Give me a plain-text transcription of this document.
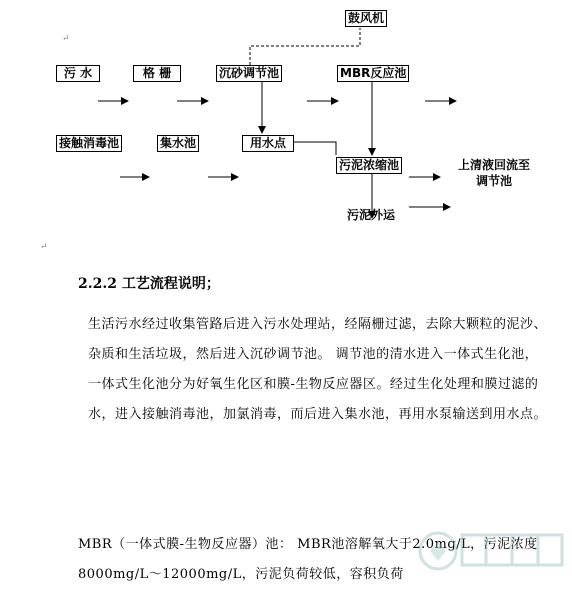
鼓风机
污 水	格 栅	沉砂调节池	MBR反应池
接触消毒池	集水池	用水点
污泥浓缩池	上清液回流至调节池
污泥外运
↵
↵
2.2.2 工艺流程说明；
生活污水经过收集管路后进入污水处理站，经隔栅过滤，去除大颗粒的泥沙、杂质和生活垃圾，然后进入沉砂调节池。 调节池的清水进入一体式生化池，一体式生化池分为好氧生化区和膜-生物反应器区。经过生化处理和膜过滤的水，进入接触消毒池，加氯消毒，而后进入集水池，再用水泵输送到用水点。
MBR（一体式膜-生物反应器）池： MBR池溶解氧大于2.0mg/L，污泥浓度 8000mg/L～12000mg/L，污泥负荷较低，容积负荷
